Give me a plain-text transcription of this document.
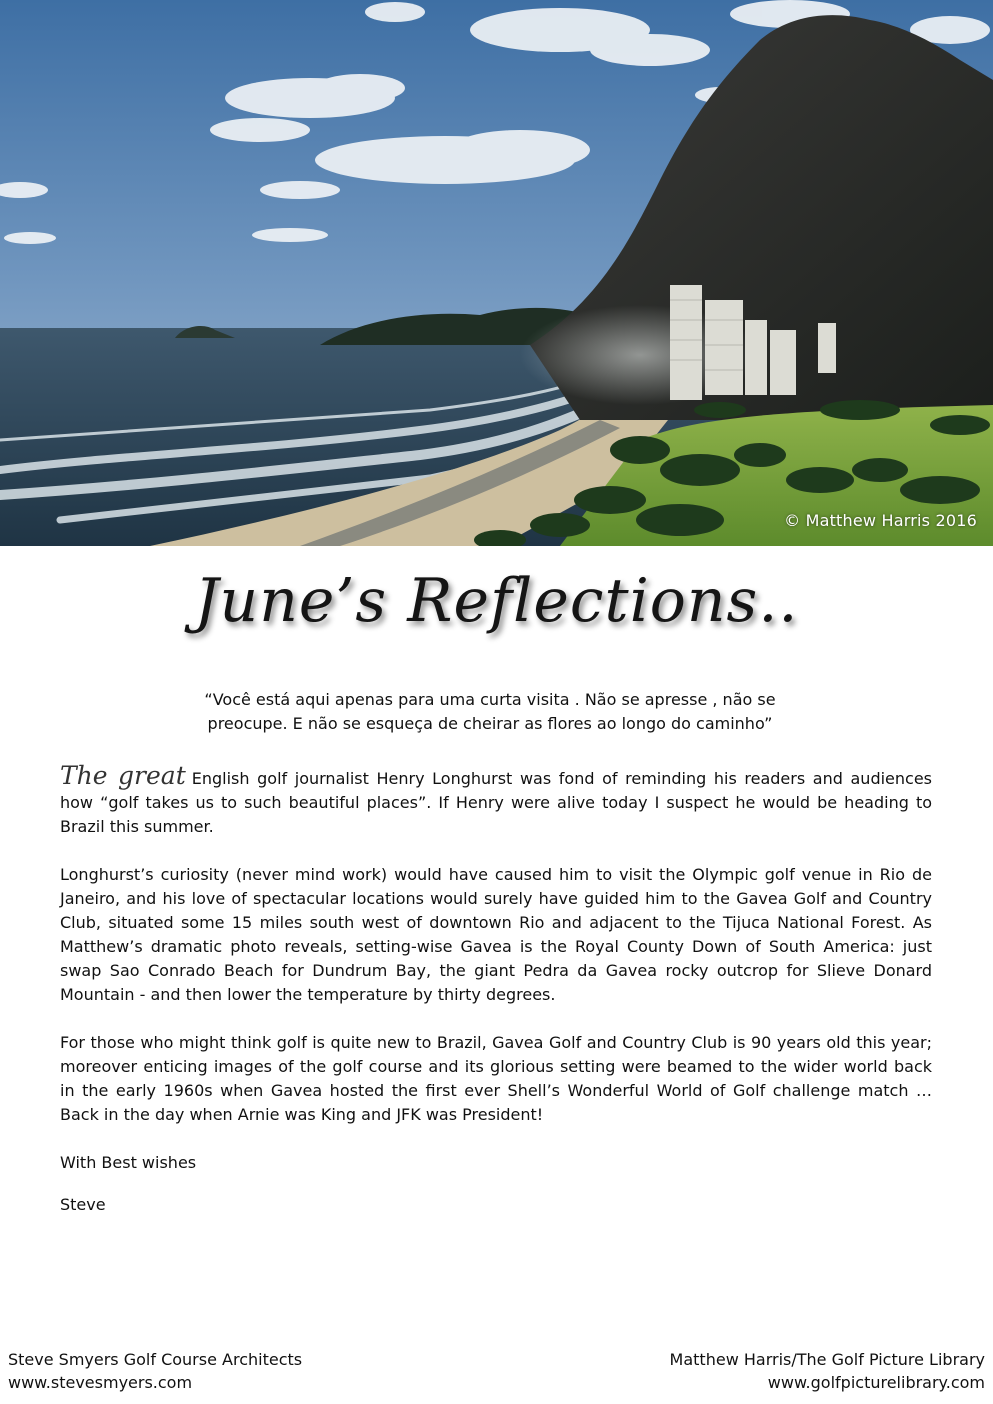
© Matthew Harris 2016
June’s Reflections..
“Você está aqui apenas para uma curta visita . Não se apresse , não se
preocupe. E não se esqueça de cheirar as flores ao longo do caminho”

The great English golf journalist Henry Longhurst was fond of reminding his readers and audiences how “golf takes us to such beautiful places”. If Henry were alive today I suspect he would be heading to Brazil this summer.

Longhurst’s curiosity (never mind work) would have caused him to visit the Olympic golf venue in Rio de Janeiro, and his love of spectacular locations would surely have guided him to the Gavea Golf and Country Club, situated some 15 miles south west of downtown Rio and adjacent to the Tijuca National Forest. As Matthew’s dramatic photo reveals, setting-wise Gavea is the Royal County Down of South America: just swap Sao Conrado Beach for Dundrum Bay, the giant Pedra da Gavea rocky outcrop for Slieve Donard Mountain - and then lower the temperature by thirty degrees.

For those who might think golf is quite new to Brazil, Gavea Golf and Country Club is 90 years old this year; moreover enticing images of the golf course and its glorious setting were beamed to the wider world back in the early 1960s when Gavea hosted the first ever Shell’s Wonderful World of Golf challenge match … Back in the day when Arnie was King and JFK was President!

With Best wishes
Steve
Steve Smyers Golf Course Architects
www.stevesmyers.com
Matthew Harris/The Golf Picture Library
www.golfpicturelibrary.com
